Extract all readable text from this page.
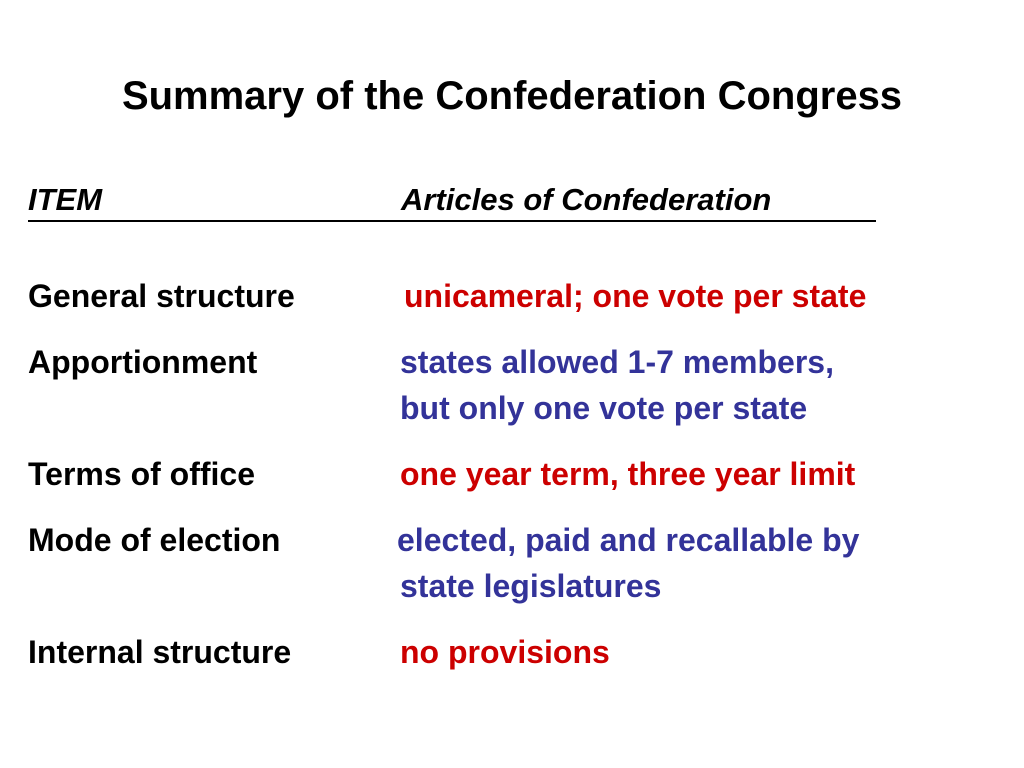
Summary of the Confederation Congress
ITEM	Articles of Confederation
General structure	unicameral; one vote per state
Apportionment	states allowed 1-7 members,
but only one vote per state
Terms of office	one year term, three year limit
Mode of election	elected, paid and recallable by
state legislatures
Internal structure	no provisions
